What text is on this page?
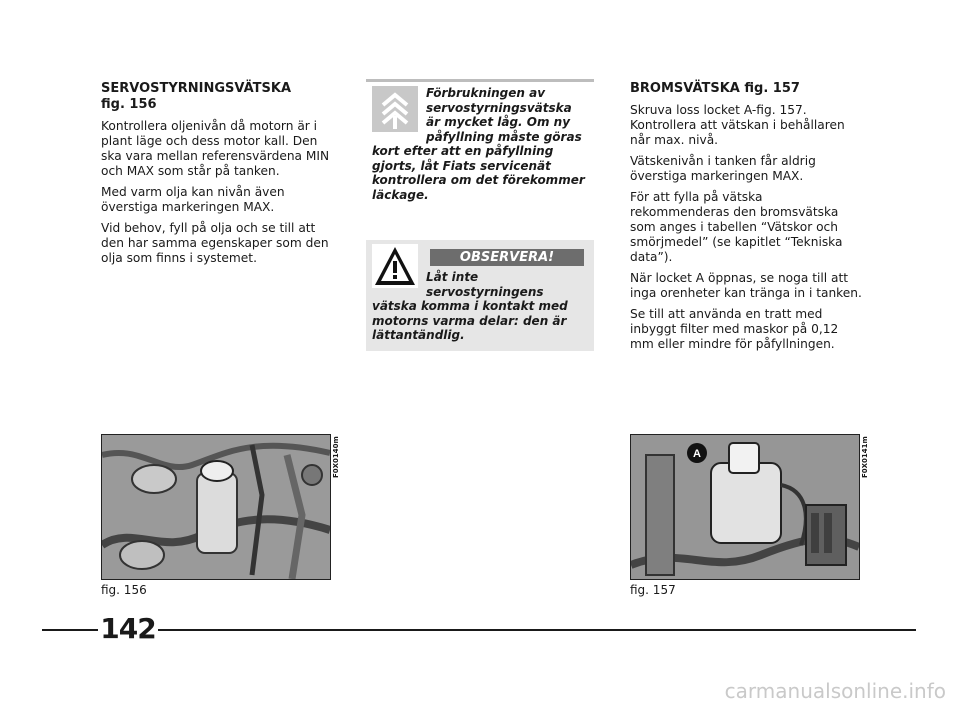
SERVOSTYRNINGSVÄTSKA
fig. 156

Kontrollera oljenivån då motorn är i plant läge och dess motor kall. Den ska vara mellan referensvärdena MIN och MAX som står på tanken.

Med varm olja kan nivån även överstiga markeringen MAX.

Vid behov, fyll på olja och se till att den har samma egenskaper som den olja som finns i systemet.

Förbrukningen av servostyrningsvätska är mycket låg. Om ny påfyllning måste göras kort efter att en påfyllning gjorts, låt Fiats servicenät kontrollera om det förekommer läckage.
OBSERVERA!
Låt inte servostyrningens vätska komma i kontakt med motorns varma delar: den är lättantändlig.
BROMSVÄTSKA fig. 157

Skruva loss locket A-fig. 157. Kontrollera att vätskan i behållaren når max. nivå.

Vätskenivån i tanken får aldrig överstiga markeringen MAX.

För att fylla på vätska rekommenderas den bromsvätska som anges i tabellen “Vätskor och smörjmedel” (se kapitlet “Tekniska data”).

När locket A öppnas, se noga till att inga orenheter kan tränga in i tanken.

Se till att använda en tratt med inbyggt filter med maskor på 0,12 mm eller mindre för påfyllningen.

F0X0140m
fig. 156
A	F0X0141m
fig. 157
142
carmanualsonline.info
